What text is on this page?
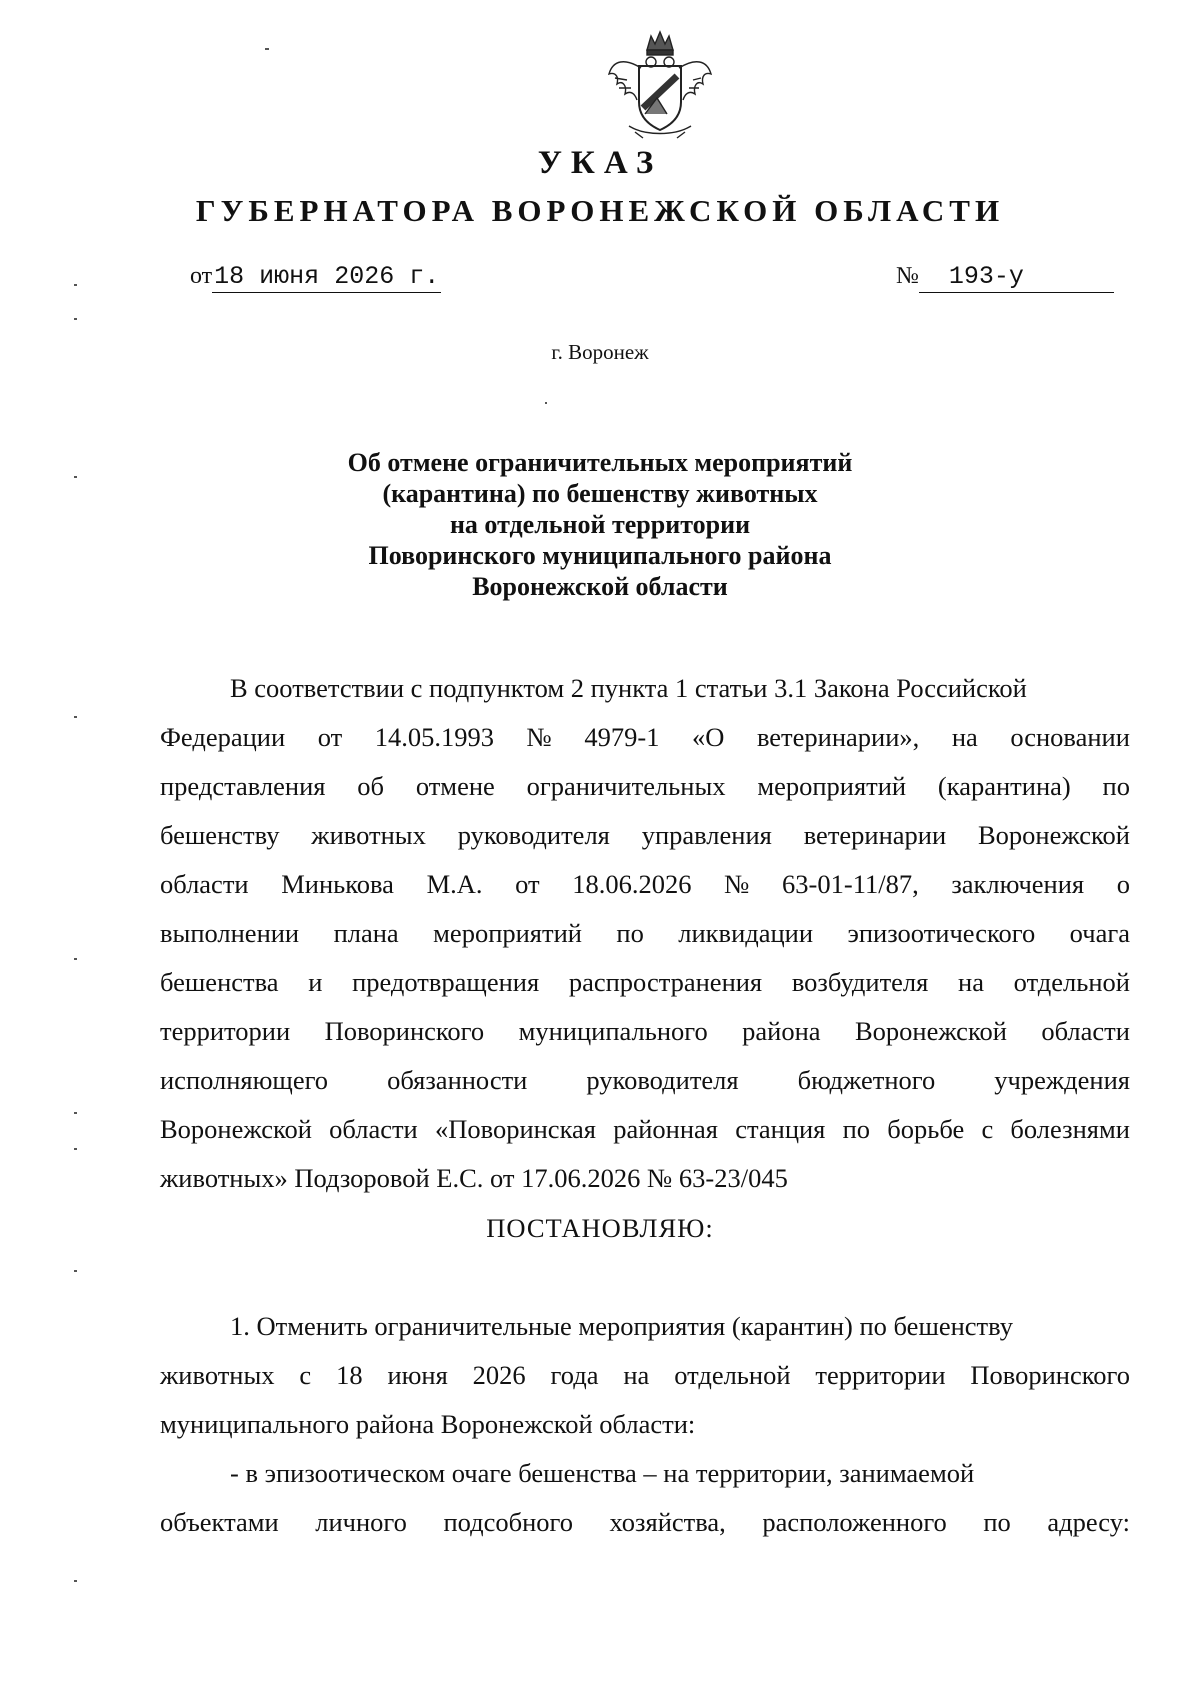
УКАЗ
ГУБЕРНАТОРА ВОРОНЕЖСКОЙ ОБЛАСТИ
от18 июня 2026 г.	№ 193-у
г. Воронеж
Об отмене ограничительных мероприятий
(карантина) по бешенству животных
на отдельной территории
Поворинского муниципального района
Воронежской области
В соответствии с подпунктом 2 пункта 1 статьи 3.1 Закона Российской
Федерации от 14.05.1993 № 4979-1 «О ветеринарии», на основании
представления об отмене ограничительных мероприятий (карантина) по
бешенству животных руководителя управления ветеринарии Воронежской
области Минькова М.А. от 18.06.2026 № 63-01-11/87, заключения о
выполнении плана мероприятий по ликвидации эпизоотического очага
бешенства и предотвращения распространения возбудителя на отдельной
территории Поворинского муниципального района Воронежской области
исполняющего обязанности руководителя бюджетного учреждения
Воронежской области «Поворинская районная станция по борьбе с болезнями
животных» Подзоровой Е.С. от 17.06.2026 № 63-23/045
ПОСТАНОВЛЯЮ:
1. Отменить ограничительные мероприятия (карантин) по бешенству
животных с 18 июня 2026 года на отдельной территории Поворинского
муниципального района Воронежской области:
- в эпизоотическом очаге бешенства – на территории, занимаемой
объектами личного подсобного хозяйства, расположенного по адресу:
